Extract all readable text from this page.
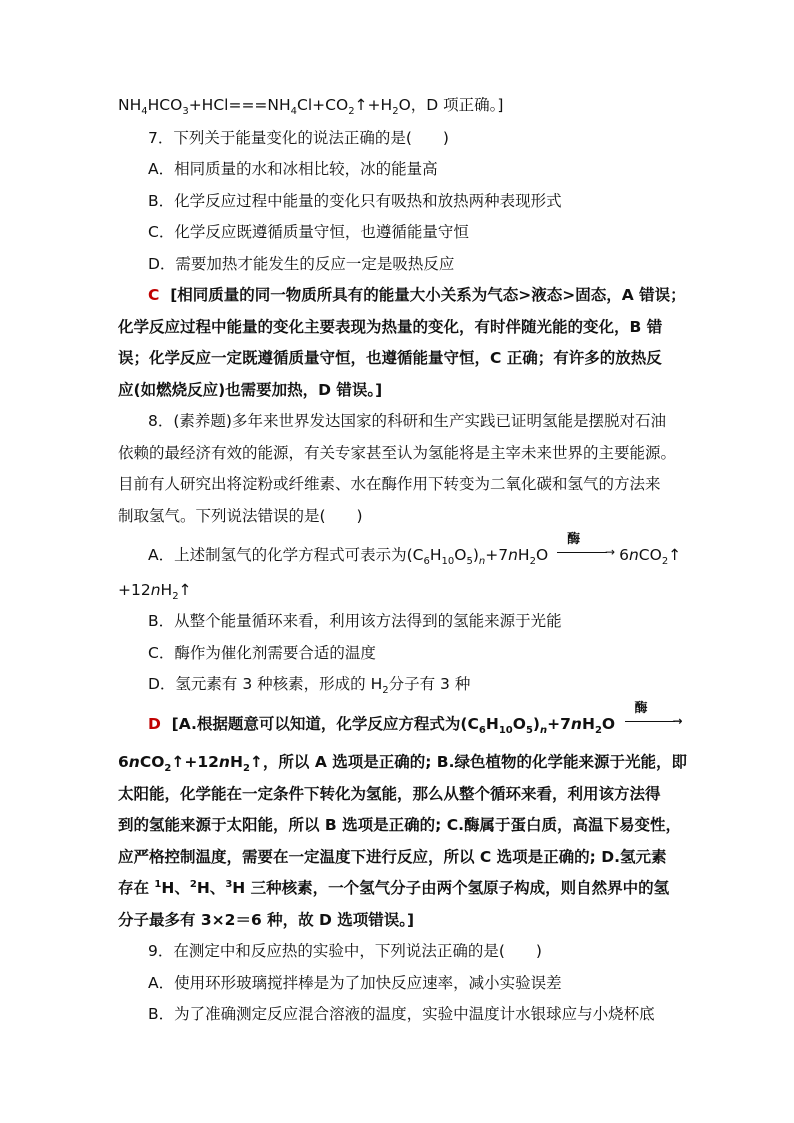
$NH_4HCO_3+HCl===NH_4Cl+CO_2↑+H_2O$，D 项正确。]
7．下列关于能量变化的说法正确的是(　　)
A．相同质量的水和冰相比较，冰的能量高
B．化学反应过程中能量的变化只有吸热和放热两种表现形式
C．化学反应既遵循质量守恒，也遵循能量守恒
D．需要加热才能发生的反应一定是吸热反应
C [相同质量的同一物质所具有的能量大小关系为气态>液态>固态，A 错误；
化学反应过程中能量的变化主要表现为热量的变化，有时伴随光能的变化，B 错
误；化学反应一定既遵循质量守恒，也遵循能量守恒，C 正确；有许多的放热反
应(如燃烧反应)也需要加热，D 错误。]
8．(素养题)多年来世界发达国家的科研和生产实践已证明氢能是摆脱对石油
依赖的最经济有效的能源，有关专家甚至认为氢能将是主宰未来世界的主要能源。
目前有人研究出将淀粉或纤维素、水在酶作用下转变为二氧化碳和氢气的方法来
制取氢气。下列说法错误的是(　　)
A．上述制氢气的化学方程式可表示为$(C_6H_{10}O_5)_n+7nH_2O$
酶
→ 6nCO$_2$↑
$+12nH_2↑$
B．从整个能量循环来看，利用该方法得到的氢能来源于光能
C．酶作为催化剂需要合适的温度
D．氢元素有 3 种核素，形成的 $H_2$分子有 3 种
D [A.根据题意可以知道，化学反应方程式为$(C_6H_{10}O_5)_n+7nH_2O$
酶
→
$6nCO_2↑+12nH_2↑$，所以 A 选项是正确的; B.绿色植物的化学能来源于光能，即
太阳能，化学能在一定条件下转化为氢能，那么从整个循环来看，利用该方法得
到的氢能来源于太阳能，所以 B 选项是正确的; C.酶属于蛋白质，高温下易变性，
应严格控制温度，需要在一定温度下进行反应，所以 C 选项是正确的; D.氢元素
存在 $^1$H、$^2$H、$^3$H 三种核素，一个氢气分子由两个氢原子构成，则自然界中的氢
分子最多有 3×2＝6 种，故 D 选项错误。]
9．在测定中和反应热的实验中，下列说法正确的是(　　)
A．使用环形玻璃搅拌棒是为了加快反应速率，减小实验误差
B．为了准确测定反应混合溶液的温度，实验中温度计水银球应与小烧杯底
